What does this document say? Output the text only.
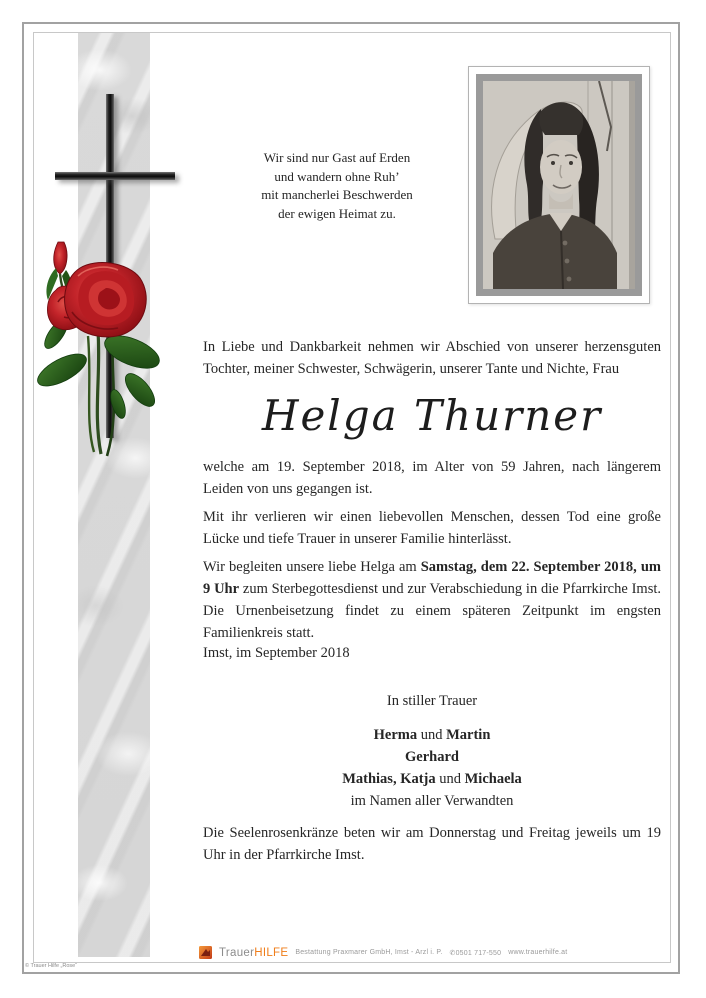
Wir sind nur Gast auf Erden
und wandern ohne Ruh’
mit mancherlei Beschwerden
der ewigen Heimat zu.
In Liebe und Dankbarkeit nehmen wir Abschied von unserer herzensguten Tochter, meiner Schwester, Schwägerin, unserer Tante und Nichte, Frau
Helga Thurner
welche am 19. September 2018, im Alter von 59 Jahren, nach längerem Leiden von uns gegangen ist.
Mit ihr verlieren wir einen liebevollen Menschen, dessen Tod eine große Lücke und tiefe Trauer in unserer Familie hinterlässt.
Wir begleiten unsere liebe Helga am Samstag, dem 22. September 2018, um 9 Uhr zum Sterbegottesdienst und zur Verabschiedung in die Pfarrkirche Imst. Die Urnenbeisetzung findet zu einem späteren Zeitpunkt im engsten Familienkreis statt.
Imst, im September 2018
In stiller Trauer
Herma und Martin
Gerhard
Mathias, Katja und Michaela
im Namen aller Verwandten
Die Seelenrosenkränze beten wir am Donnerstag und Freitag jeweils um 19 Uhr in der Pfarrkirche Imst.
TrauerHILFE Bestattung Praxmarer GmbH, Imst - Arzl i. P. ✆0501 717-550 www.trauerhilfe.at
© Trauer Hilfe „Rose“
